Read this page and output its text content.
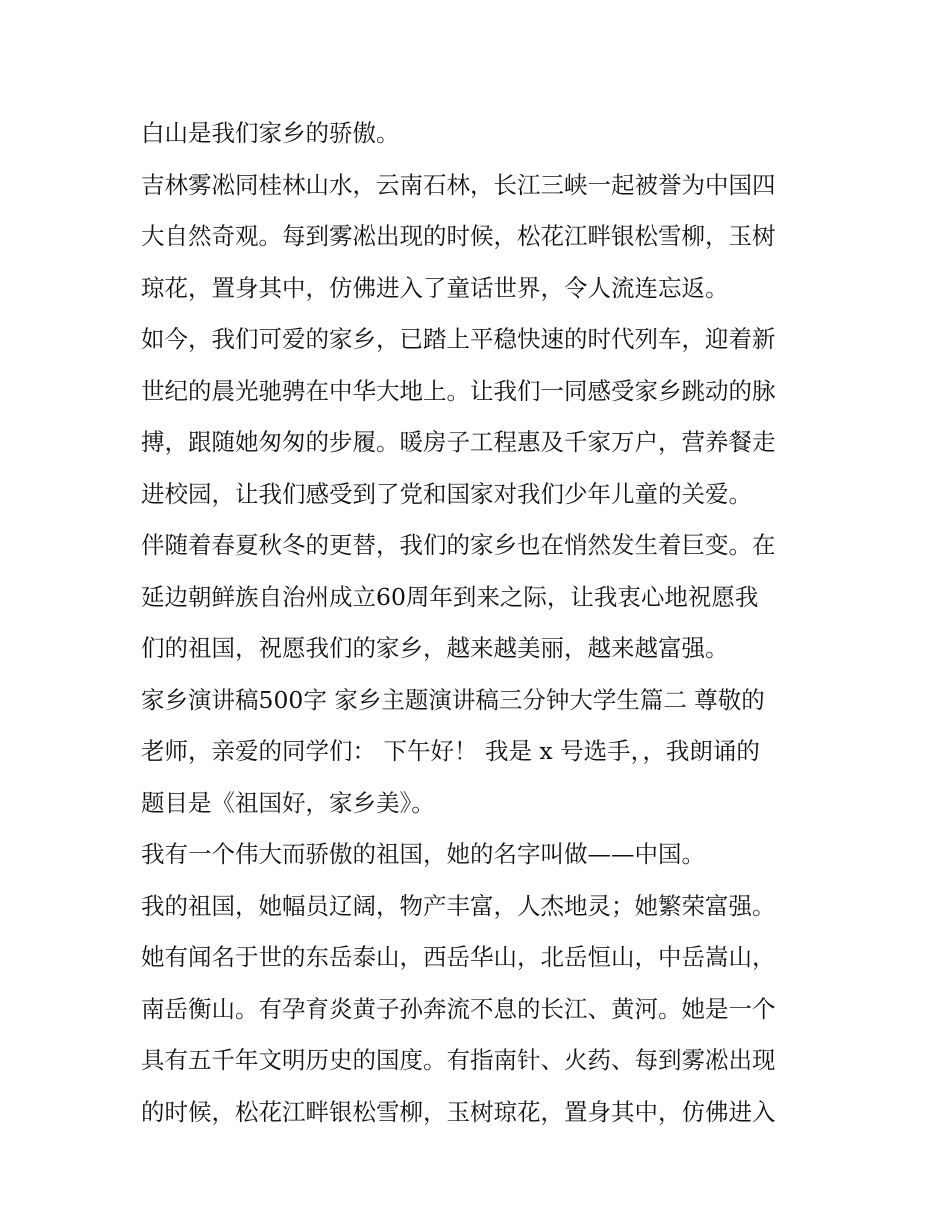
白山是我们家乡的骄傲。
吉林雾凇同桂林山水，云南石林，长江三峡一起被誉为中国四
大自然奇观。每到雾凇出现的时候，松花江畔银松雪柳，玉树
琼花，置身其中，仿佛进入了童话世界，令人流连忘返。
如今，我们可爱的家乡，已踏上平稳快速的时代列车，迎着新
世纪的晨光驰骋在中华大地上。让我们一同感受家乡跳动的脉
搏，跟随她匆匆的步履。暖房子工程惠及千家万户，营养餐走
进校园，让我们感受到了党和国家对我们少年儿童的关爱。
伴随着春夏秋冬的更替，我们的家乡也在悄然发生着巨变。在
延边朝鲜族自治州成立60周年到来之际，让我衷心地祝愿我
们的祖国，祝愿我们的家乡，越来越美丽，越来越富强。
家乡演讲稿500字 家乡主题演讲稿三分钟大学生篇二 尊敬的
老师，亲爱的同学们： 下午好！ 我是 x 号选手，，我朗诵的
题目是《祖国好，家乡美》。
我有一个伟大而骄傲的祖国，她的名字叫做——中国。
我的祖国，她幅员辽阔，物产丰富，人杰地灵；她繁荣富强。
她有闻名于世的东岳泰山，西岳华山，北岳恒山，中岳嵩山，
南岳衡山。有孕育炎黄子孙奔流不息的长江、黄河。她是一个
具有五千年文明历史的国度。有指南针、火药、每到雾凇出现
的时候，松花江畔银松雪柳，玉树琼花，置身其中，仿佛进入
